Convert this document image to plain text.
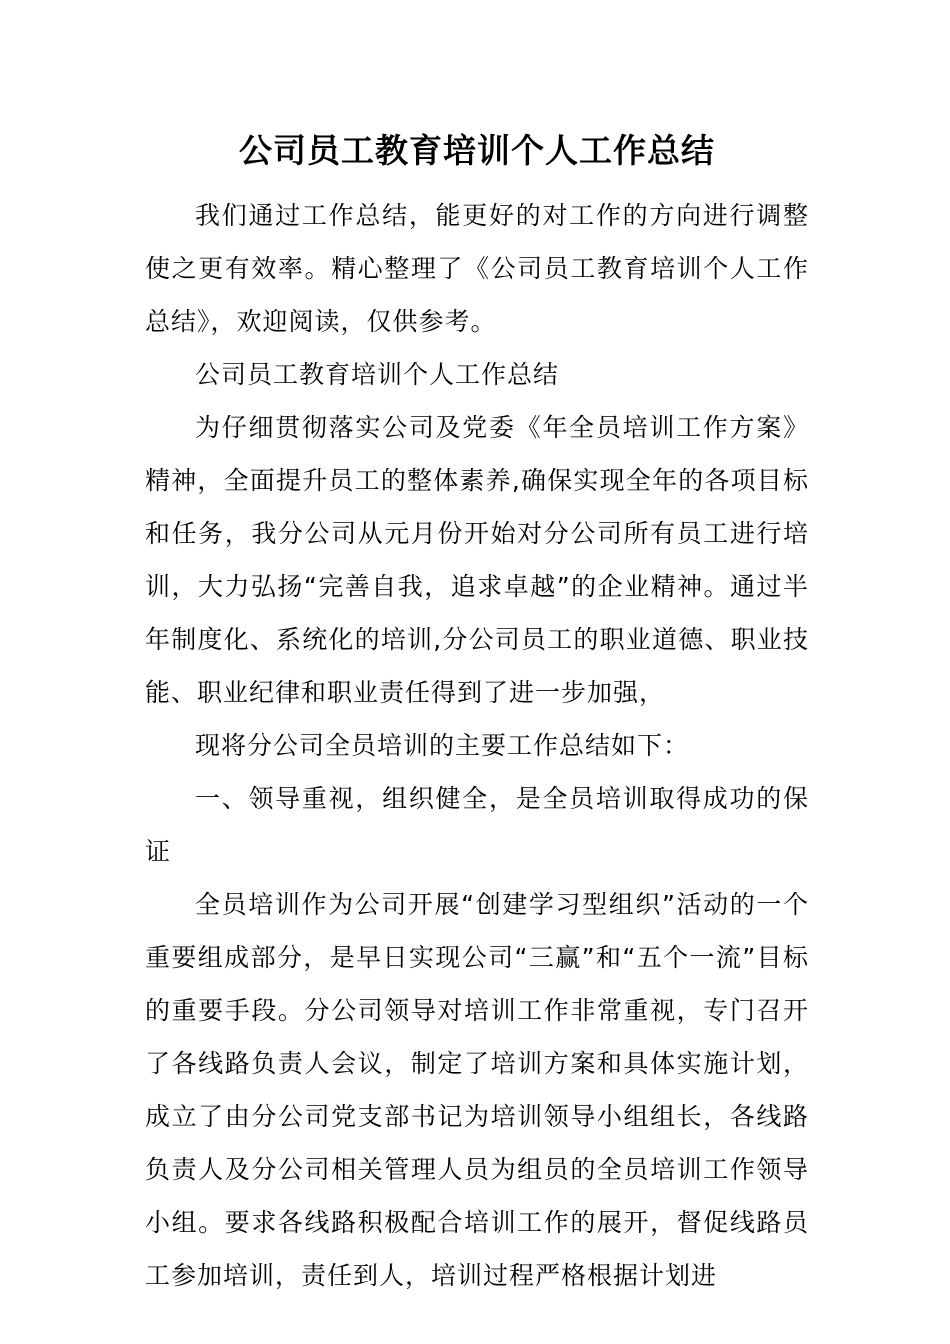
公司员工教育培训个人工作总结

我们通过工作总结，能更好的对工作的方向进行调整使之更有效率。精心整理了《公司员工教育培训个人工作总结》，欢迎阅读，仅供参考。

公司员工教育培训个人工作总结

为仔细贯彻落实公司及党委《年全员培训工作方案》精神，全面提升员工的整体素养,确保实现全年的各项目标和任务，我分公司从元月份开始对分公司所有员工进行培训，大力弘扬“完善自我，追求卓越”的企业精神。通过半年制度化、系统化的培训,分公司员工的职业道德、职业技能、职业纪律和职业责任得到了进一步加强，

现将分公司全员培训的主要工作总结如下：

一、领导重视，组织健全，是全员培训取得成功的保证

全员培训作为公司开展“创建学习型组织”活动的一个重要组成部分，是早日实现公司“三赢”和“五个一流”目标的重要手段。分公司领导对培训工作非常重视，专门召开了各线路负责人会议，制定了培训方案和具体实施计划，成立了由分公司党支部书记为培训领导小组组长，各线路负责人及分公司相关管理人员为组员的全员培训工作领导小组。要求各线路积极配合培训工作的展开，督促线路员工参加培训，责任到人，培训过程严格根据计划进
